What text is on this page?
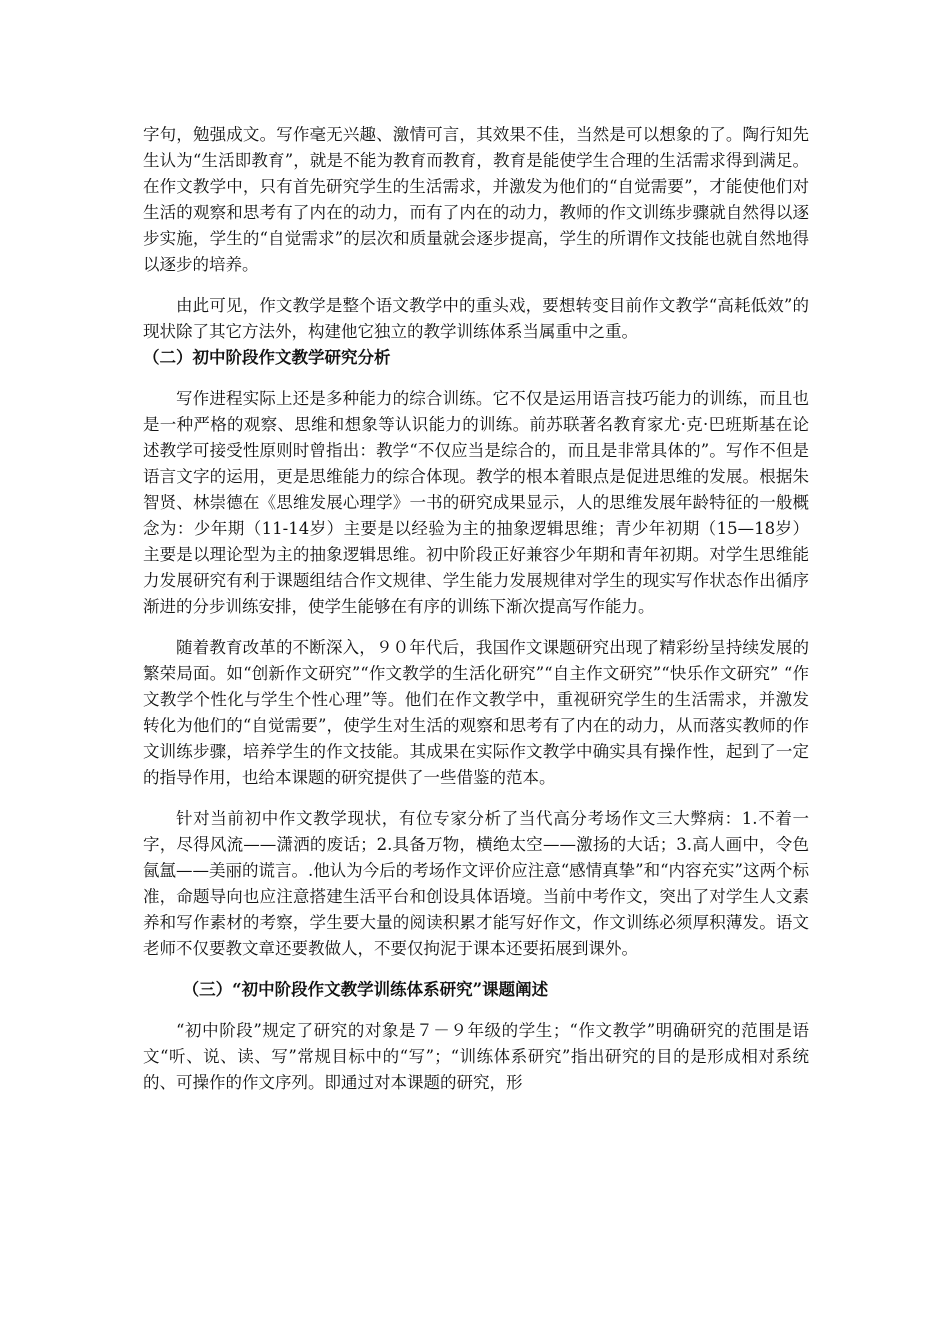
字句，勉强成文。写作毫无兴趣、激情可言，其效果不佳，当然是可以想象的了。陶行知先生认为“生活即教育”，就是不能为教育而教育，教育是能使学生合理的生活需求得到满足。在作文教学中，只有首先研究学生的生活需求，并激发为他们的“自觉需要”，才能使他们对生活的观察和思考有了内在的动力，而有了内在的动力，教师的作文训练步骤就自然得以逐步实施，学生的“自觉需求”的层次和质量就会逐步提高，学生的所谓作文技能也就自然地得以逐步的培养。

由此可见，作文教学是整个语文教学中的重头戏，要想转变目前作文教学“高耗低效”的现状除了其它方法外，构建他它独立的教学训练体系当属重中之重。

（二）初中阶段作文教学研究分析

写作进程实际上还是多种能力的综合训练。它不仅是运用语言技巧能力的训练，而且也是一种严格的观察、思维和想象等认识能力的训练。前苏联著名教育家尤·克·巴班斯基在论述教学可接受性原则时曾指出：教学“不仅应当是综合的，而且是非常具体的”。写作不但是语言文字的运用，更是思维能力的综合体现。教学的根本着眼点是促进思维的发展。根据朱智贤、林崇德在《思维发展心理学》一书的研究成果显示，人的思维发展年龄特征的一般概念为：少年期（11-14岁）主要是以经验为主的抽象逻辑思维；青少年初期（15—18岁）主要是以理论型为主的抽象逻辑思维。初中阶段正好兼容少年期和青年初期。对学生思维能力发展研究有利于课题组结合作文规律、学生能力发展规律对学生的现实写作状态作出循序渐进的分步训练安排，使学生能够在有序的训练下渐次提高写作能力。

随着教育改革的不断深入，９０年代后，我国作文课题研究出现了精彩纷呈持续发展的繁荣局面。如“创新作文研究”“作文教学的生活化研究”“自主作文研究”“快乐作文研究” “作文教学个性化与学生个性心理”等。他们在作文教学中，重视研究学生的生活需求，并激发转化为他们的“自觉需要”，使学生对生活的观察和思考有了内在的动力，从而落实教师的作文训练步骤，培养学生的作文技能。其成果在实际作文教学中确实具有操作性，起到了一定的指导作用，也给本课题的研究提供了一些借鉴的范本。

针对当前初中作文教学现状，有位专家分析了当代高分考场作文三大弊病：1.不着一字，尽得风流——潇洒的废话；2.具备万物，横绝太空——激扬的大话；3.高人画中，令色氤氲——美丽的谎言。.他认为今后的考场作文评价应注意“感情真挚”和“内容充实”这两个标准，命题导向也应注意搭建生活平台和创设具体语境。当前中考作文，突出了对学生人文素养和写作素材的考察，学生要大量的阅读积累才能写好作文，作文训练必须厚积薄发。语文老师不仅要教文章还要教做人，不要仅拘泥于课本还要拓展到课外。

（三）“初中阶段作文教学训练体系研究”课题阐述

“初中阶段”规定了研究的对象是７－９年级的学生；“作文教学”明确研究的范围是语文“听、说、读、写”常规目标中的“写”；“训练体系研究”指出研究的目的是形成相对系统的、可操作的作文序列。即通过对本课题的研究，形
